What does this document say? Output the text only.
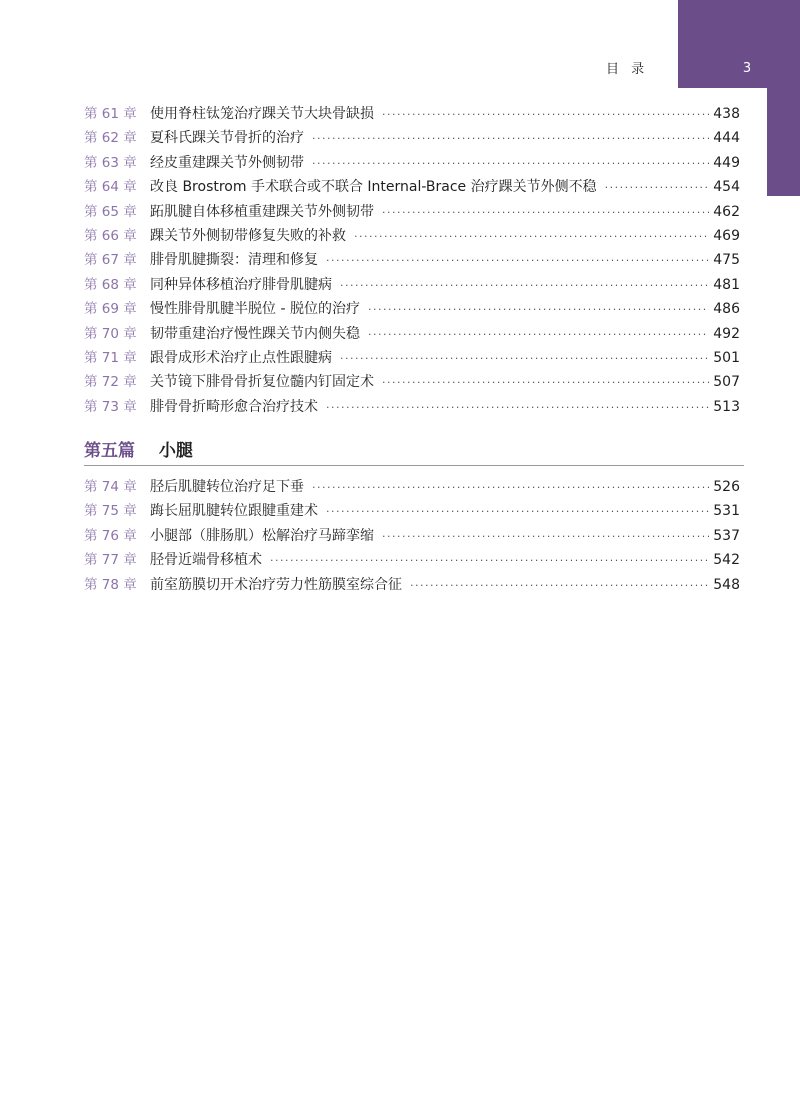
3
目 录
第 61 章 使用脊柱钛笼治疗踝关节大块骨缺损 ·····	438
第 62 章 夏科氏踝关节骨折的治疗 ·····	444
第 63 章 经皮重建踝关节外侧韧带 ·····	449
第 64 章 改良 Brostrom 手术联合或不联合 Internal-Brace 治疗踝关节外侧不稳 ·····	454
第 65 章 跖肌腱自体移植重建踝关节外侧韧带 ·····	462
第 66 章 踝关节外侧韧带修复失败的补救 ·····	469
第 67 章 腓骨肌腱撕裂：清理和修复 ·····	475
第 68 章 同种异体移植治疗腓骨肌腱病 ·····	481
第 69 章 慢性腓骨肌腱半脱位 - 脱位的治疗 ·····	486
第 70 章 韧带重建治疗慢性踝关节内侧失稳 ·····	492
第 71 章 跟骨成形术治疗止点性跟腱病 ·····	501
第 72 章 关节镜下腓骨骨折复位髓内钉固定术 ·····	507
第 73 章 腓骨骨折畸形愈合治疗技术 ·····	513
第五篇 小腿
第 74 章 胫后肌腱转位治疗足下垂 ·····	526
第 75 章 踇长屈肌腱转位跟腱重建术 ·····	531
第 76 章 小腿部（腓肠肌）松解治疗马蹄挛缩 ·····	537
第 77 章 胫骨近端骨移植术 ·····	542
第 78 章 前室筋膜切开术治疗劳力性筋膜室综合征 ·····	548
